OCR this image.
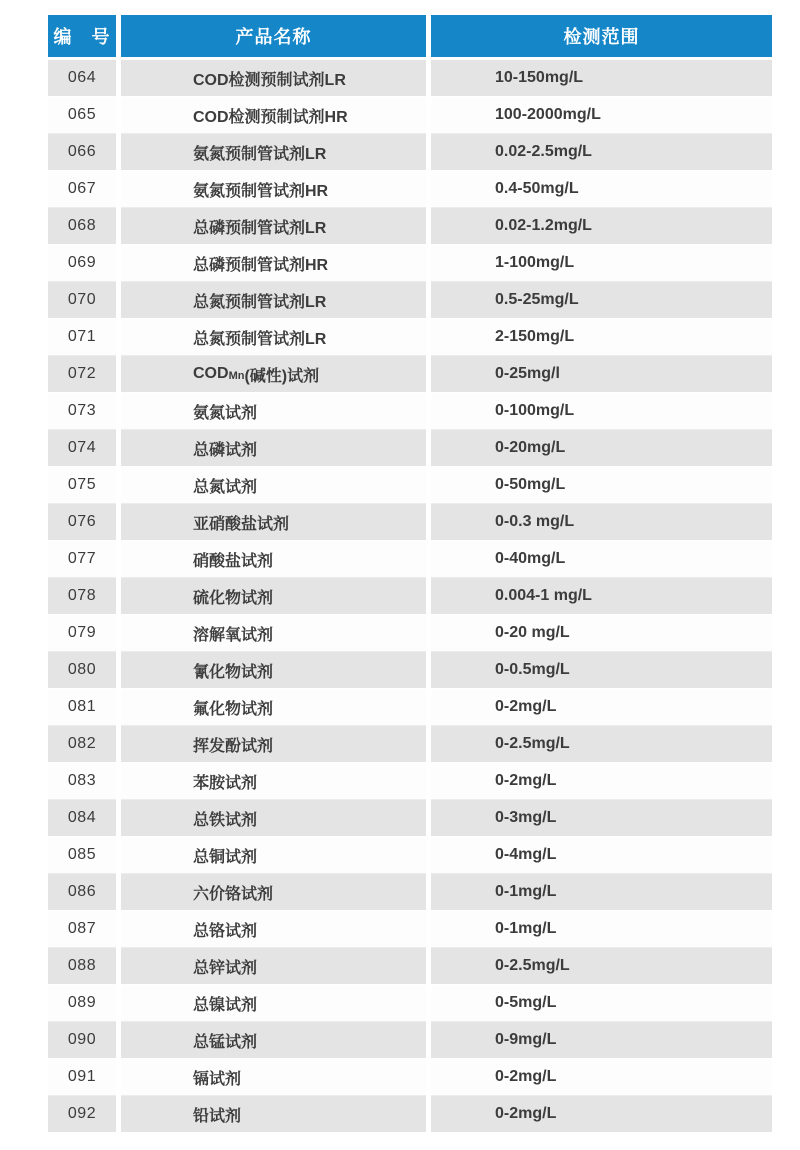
编　号	产品名称	检测范围
064	COD检测预制试剂LR	10-150mg/L
065	COD检测预制试剂HR	100-2000mg/L
066	氨氮预制管试剂LR	0.02-2.5mg/L
067	氨氮预制管试剂HR	0.4-50mg/L
068	总磷预制管试剂LR	0.02-1.2mg/L
069	总磷预制管试剂HR	1-100mg/L
070	总氮预制管试剂LR	0.5-25mg/L
071	总氮预制管试剂LR	2-150mg/L
072	COD Mn (碱性)试剂	0-25mg/l
073	氨氮试剂	0-100mg/L
074	总磷试剂	0-20mg/L
075	总氮试剂	0-50mg/L
076	亚硝酸盐试剂	0-0.3 mg/L
077	硝酸盐试剂	0-40mg/L
078	硫化物试剂	0.004-1 mg/L
079	溶解氧试剂	0-20 mg/L
080	氰化物试剂	0-0.5mg/L
081	氟化物试剂	0-2mg/L
082	挥发酚试剂	0-2.5mg/L
083	苯胺试剂	0-2mg/L
084	总铁试剂	0-3mg/L
085	总铜试剂	0-4mg/L
086	六价铬试剂	0-1mg/L
087	总铬试剂	0-1mg/L
088	总锌试剂	0-2.5mg/L
089	总镍试剂	0-5mg/L
090	总锰试剂	0-9mg/L
091	镉试剂	0-2mg/L
092	铅试剂	0-2mg/L
